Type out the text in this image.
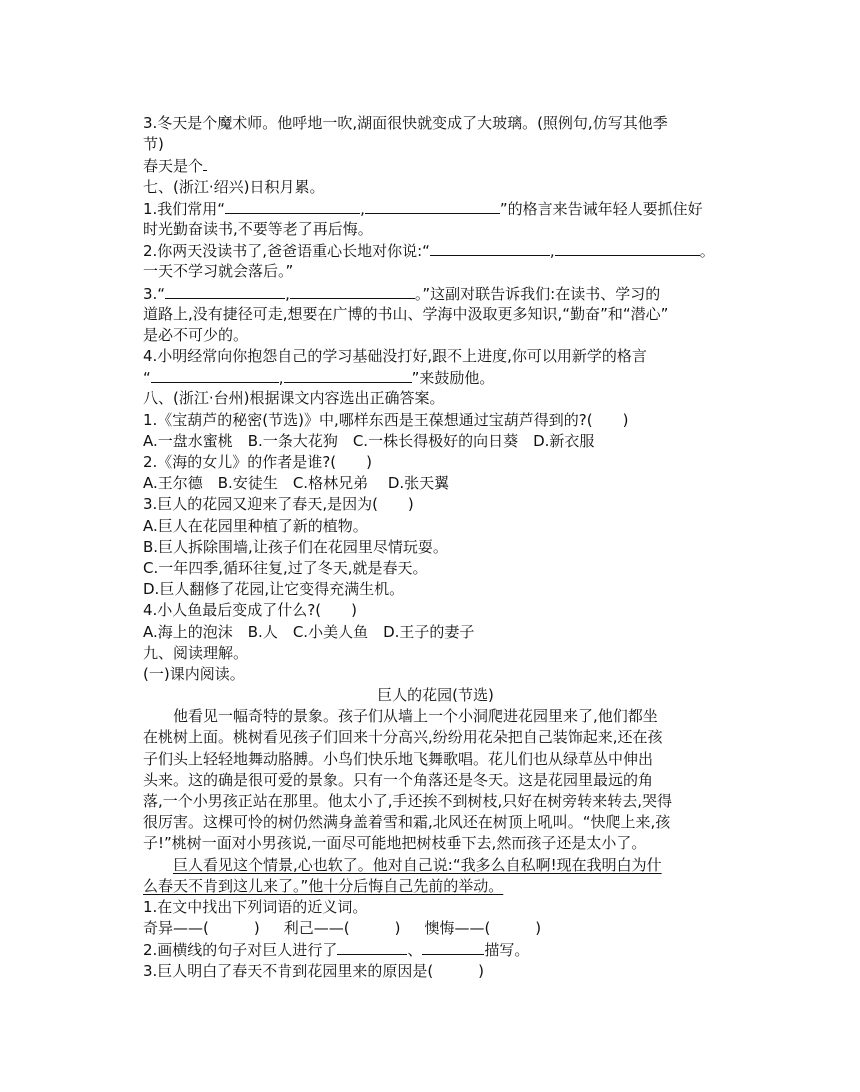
3.冬天是个魔术师。他呼地一吹,湖面很快就变成了大玻璃。(照例句,仿写其他季
节)
春天是个
七、(浙江·绍兴)日积月累。
1.我们常用“	,	”的格言来告诫年轻人要抓住好
时光勤奋读书,不要等老了再后悔。
2.你两天没读书了,爸爸语重心长地对你说:“	,	。
一天不学习就会落后。”
3.“	,	。”这副对联告诉我们:在读书、学习的
道路上,没有捷径可走,想要在广博的书山、学海中汲取更多知识,“勤奋”和“潜心”
是必不可少的。
4.小明经常向你抱怨自己的学习基础没打好,跟不上进度,你可以用新学的格言
“	,	”来鼓励他。
八、(浙江·台州)根据课文内容选出正确答案。
1.《宝葫芦的秘密(节选)》中,哪样东西是王葆想通过宝葫芦得到的?(　　)
A.一盘水蜜桃　B.一条大花狗　C.一株长得极好的向日葵　D.新衣服
2.《海的女儿》的作者是谁?(　　)
A.王尔德　B.安徒生　C.格林兄弟　 D.张天翼
3.巨人的花园又迎来了春天,是因为(　　)
A.巨人在花园里种植了新的植物。
B.巨人拆除围墙,让孩子们在花园里尽情玩耍。
C.一年四季,循环往复,过了冬天,就是春天。
D.巨人翻修了花园,让它变得充满生机。
4.小人鱼最后变成了什么?(　　)
A.海上的泡沫　B.人　C.小美人鱼　D.王子的妻子
九、阅读理解。
(一)课内阅读。
巨人的花园(节选)
他看见一幅奇特的景象。孩子们从墙上一个小洞爬进花园里来了,他们都坐
在桃树上面。桃树看见孩子们回来十分高兴,纷纷用花朵把自己装饰起来,还在孩
子们头上轻轻地舞动胳膊。小鸟们快乐地飞舞歌唱。花儿们也从绿草丛中伸出
头来。这的确是很可爱的景象。只有一个角落还是冬天。这是花园里最远的角
落,一个小男孩正站在那里。他太小了,手还挨不到树枝,只好在树旁转来转去,哭得
很厉害。这棵可怜的树仍然满身盖着雪和霜,北风还在树顶上吼叫。“快爬上来,孩
子!”桃树一面对小男孩说,一面尽可能地把树枝垂下去,然而孩子还是太小了。
巨人看见这个情景,心也软了。他对自己说:“我多么自私啊!现在我明白为什
么春天不肯到这儿来了。”他十分后悔自己先前的举动。
1.在文中找出下列词语的近义词。
奇异——(　　　) 利己——(　　　) 懊悔——(　　　)
2.画横线的句子对巨人进行了	、	描写。
3.巨人明白了春天不肯到花园里来的原因是(　　　)
